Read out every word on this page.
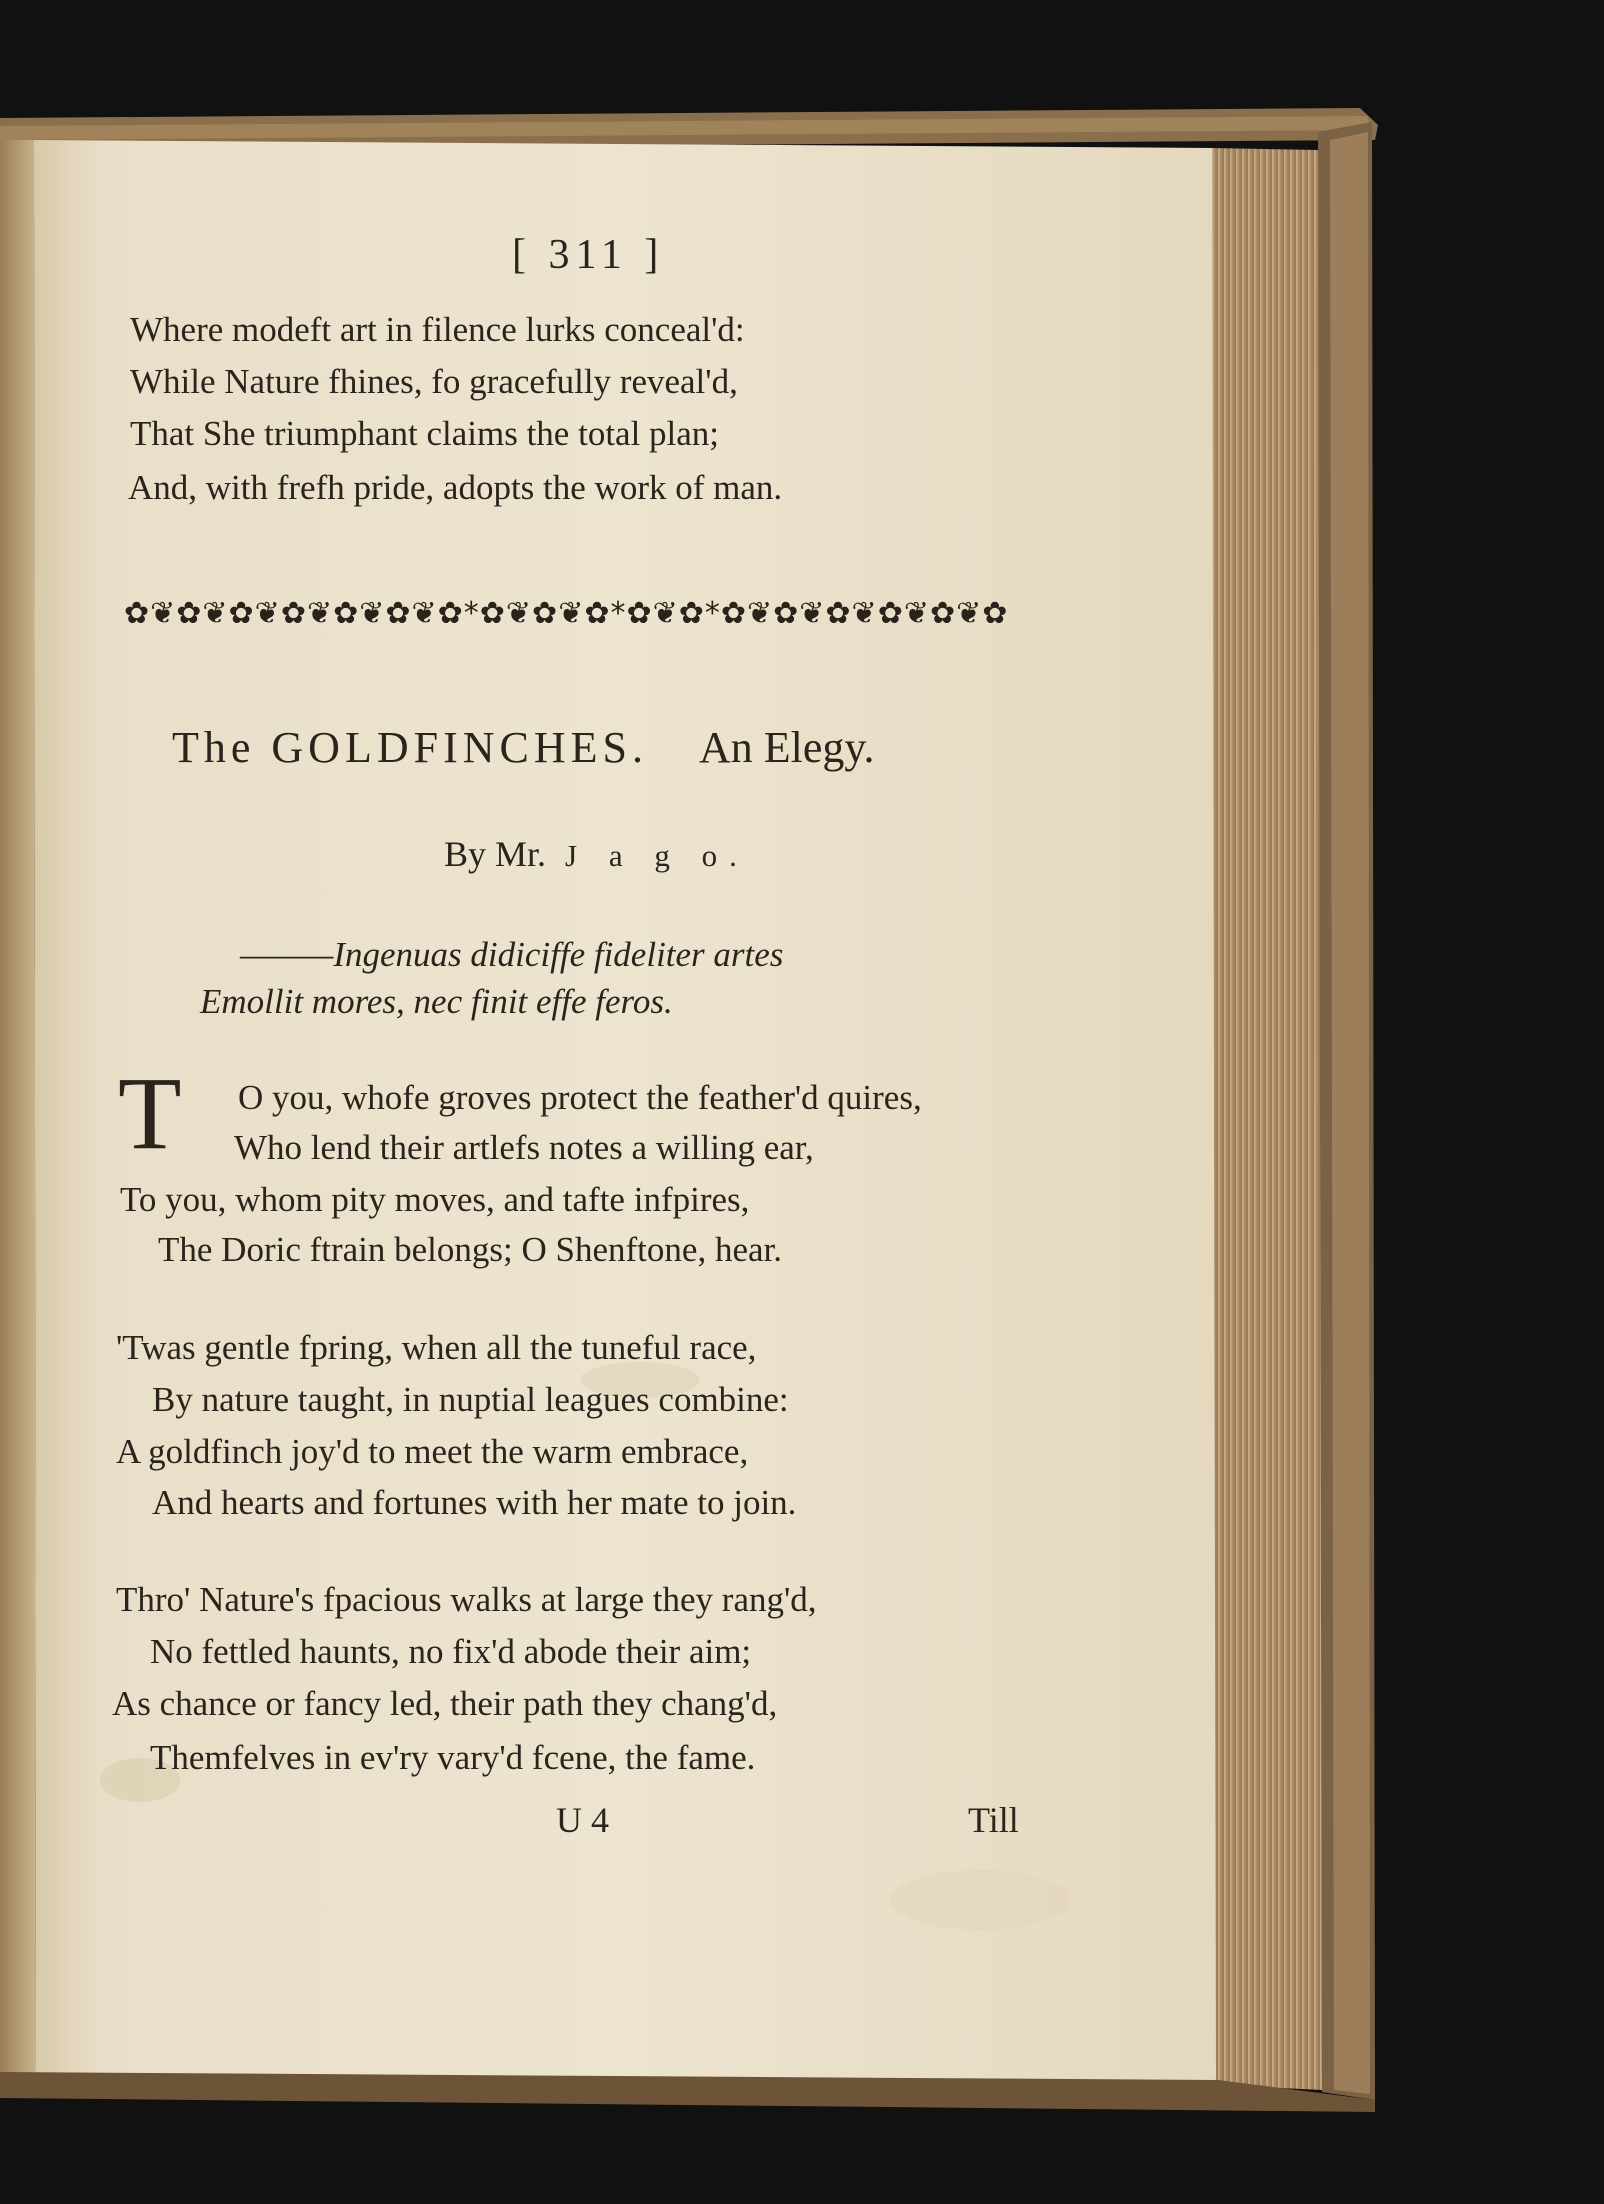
[ 311 ]
Where modeft art in filence lurks conceal'd:
While Nature fhines, fo gracefully reveal'd,
That She triumphant claims the total plan;
And, with frefh pride, adopts the work of man.
✿❦✿❦✿❦✿❦✿❦✿❦✿*✿❦✿❦✿*✿❦✿*✿❦✿❦✿❦✿❦✿❦✿
The GOLDFINCHES. An Elegy.
By Mr. J a g o.
———Ingenuas didiciffe fideliter artes
Emollit mores, nec finit effe feros.
T O you, whofe groves protect the feather'd quires,
Who lend their artlefs notes a willing ear,
To you, whom pity moves, and tafte infpires,
The Doric ftrain belongs; O Shenftone, hear.
'Twas gentle fpring, when all the tuneful race,
By nature taught, in nuptial leagues combine:
A goldfinch joy'd to meet the warm embrace,
And hearts and fortunes with her mate to join.
Thro' Nature's fpacious walks at large they rang'd,
No fettled haunts, no fix'd abode their aim;
As chance or fancy led, their path they chang'd,
Themfelves in ev'ry vary'd fcene, the fame.
U 4	Till
